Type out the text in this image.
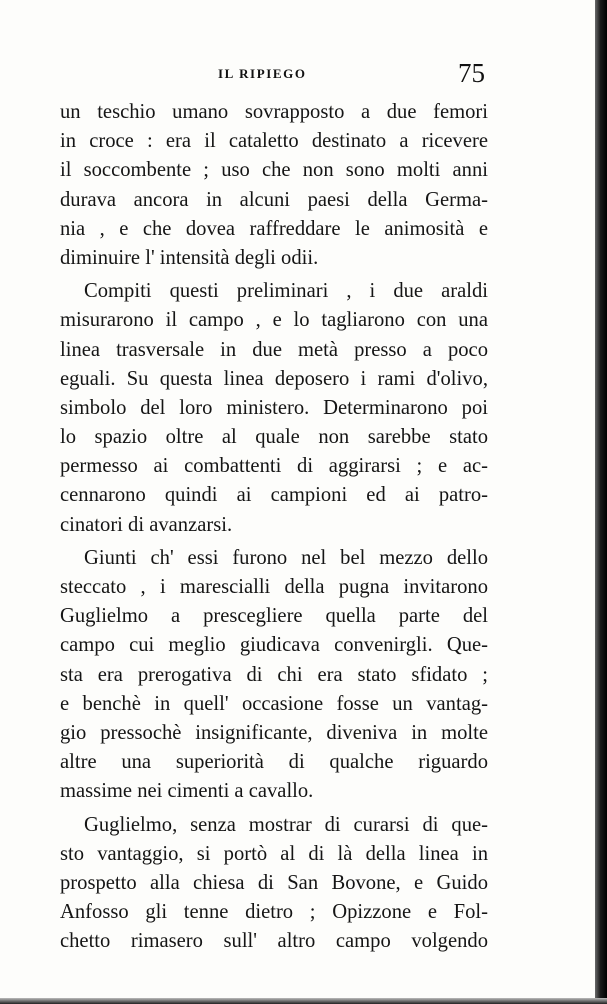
IL RIPIEGO	75
un teschio umano sovrapposto a due femori
in croce : era il cataletto destinato a ricevere
il soccombente ; uso che non sono molti anni
durava ancora in alcuni paesi della Germa-
nia , e che dovea raffreddare le animosità e
diminuire l' intensità degli odii.
Compiti questi preliminari , i due araldi
misurarono il campo , e lo tagliarono con una
linea trasversale in due metà presso a poco
eguali. Su questa linea deposero i rami d'olivo,
simbolo del loro ministero. Determinarono poi
lo spazio oltre al quale non sarebbe stato
permesso ai combattenti di aggirarsi ; e ac-
cennarono quindi ai campioni ed ai patro-
cinatori di avanzarsi.
Giunti ch' essi furono nel bel mezzo dello
steccato , i marescialli della pugna invitarono
Guglielmo a prescegliere quella parte del
campo cui meglio giudicava convenirgli. Que-
sta era prerogativa di chi era stato sfidato ;
e benchè in quell' occasione fosse un vantag-
gio pressochè insignificante, diveniva in molte
altre una superiorità di qualche riguardo
massime nei cimenti a cavallo.
Guglielmo, senza mostrar di curarsi di que-
sto vantaggio, si portò al di là della linea in
prospetto alla chiesa di San Bovone, e Guido
Anfosso gli tenne dietro ; Opizzone e Fol-
chetto rimasero sull' altro campo volgendo
